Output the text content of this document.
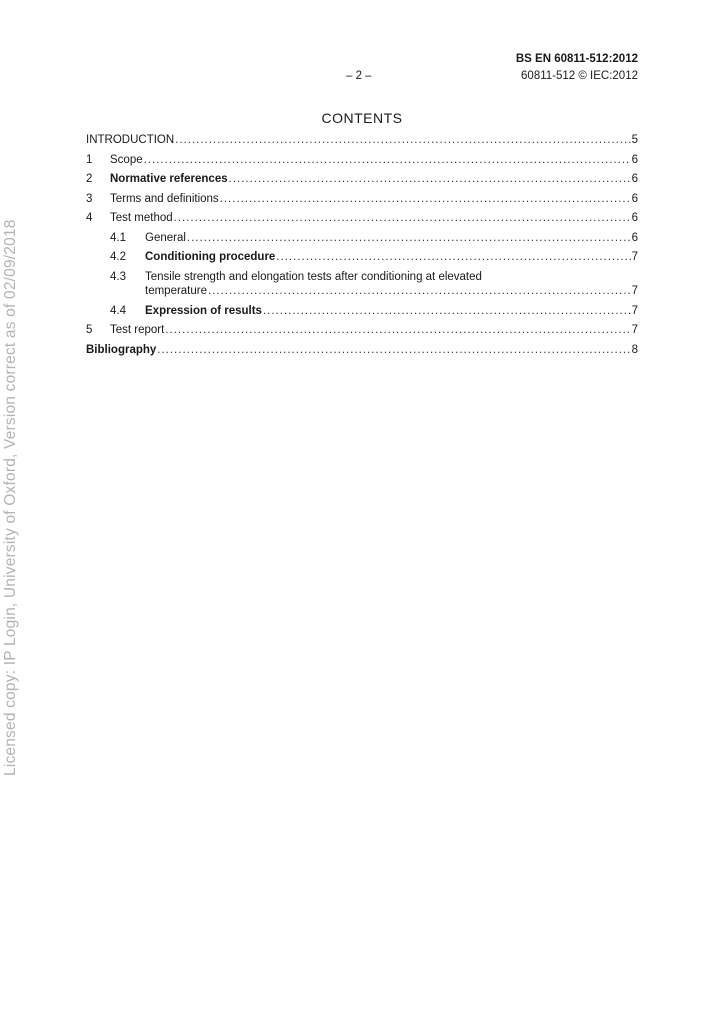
BS EN 60811-512:2012
– 2 –	60811-512 © IEC:2012
CONTENTS
INTRODUCTION .....	5
1	Scope .....	6
2	Normative references .....	6
3	Terms and definitions .....	6
4	Test method .....	6
4.1	General .....	6
4.2	Conditioning procedure .....	7
4.3 Tensile strength and elongation tests after conditioning at elevated
temperature .....	7
4.4	Expression of results .....	7
5	Test report .....	7
Bibliography .....	8
Licensed copy: IP Login, University of Oxford, Version correct as of 02/09/2018
